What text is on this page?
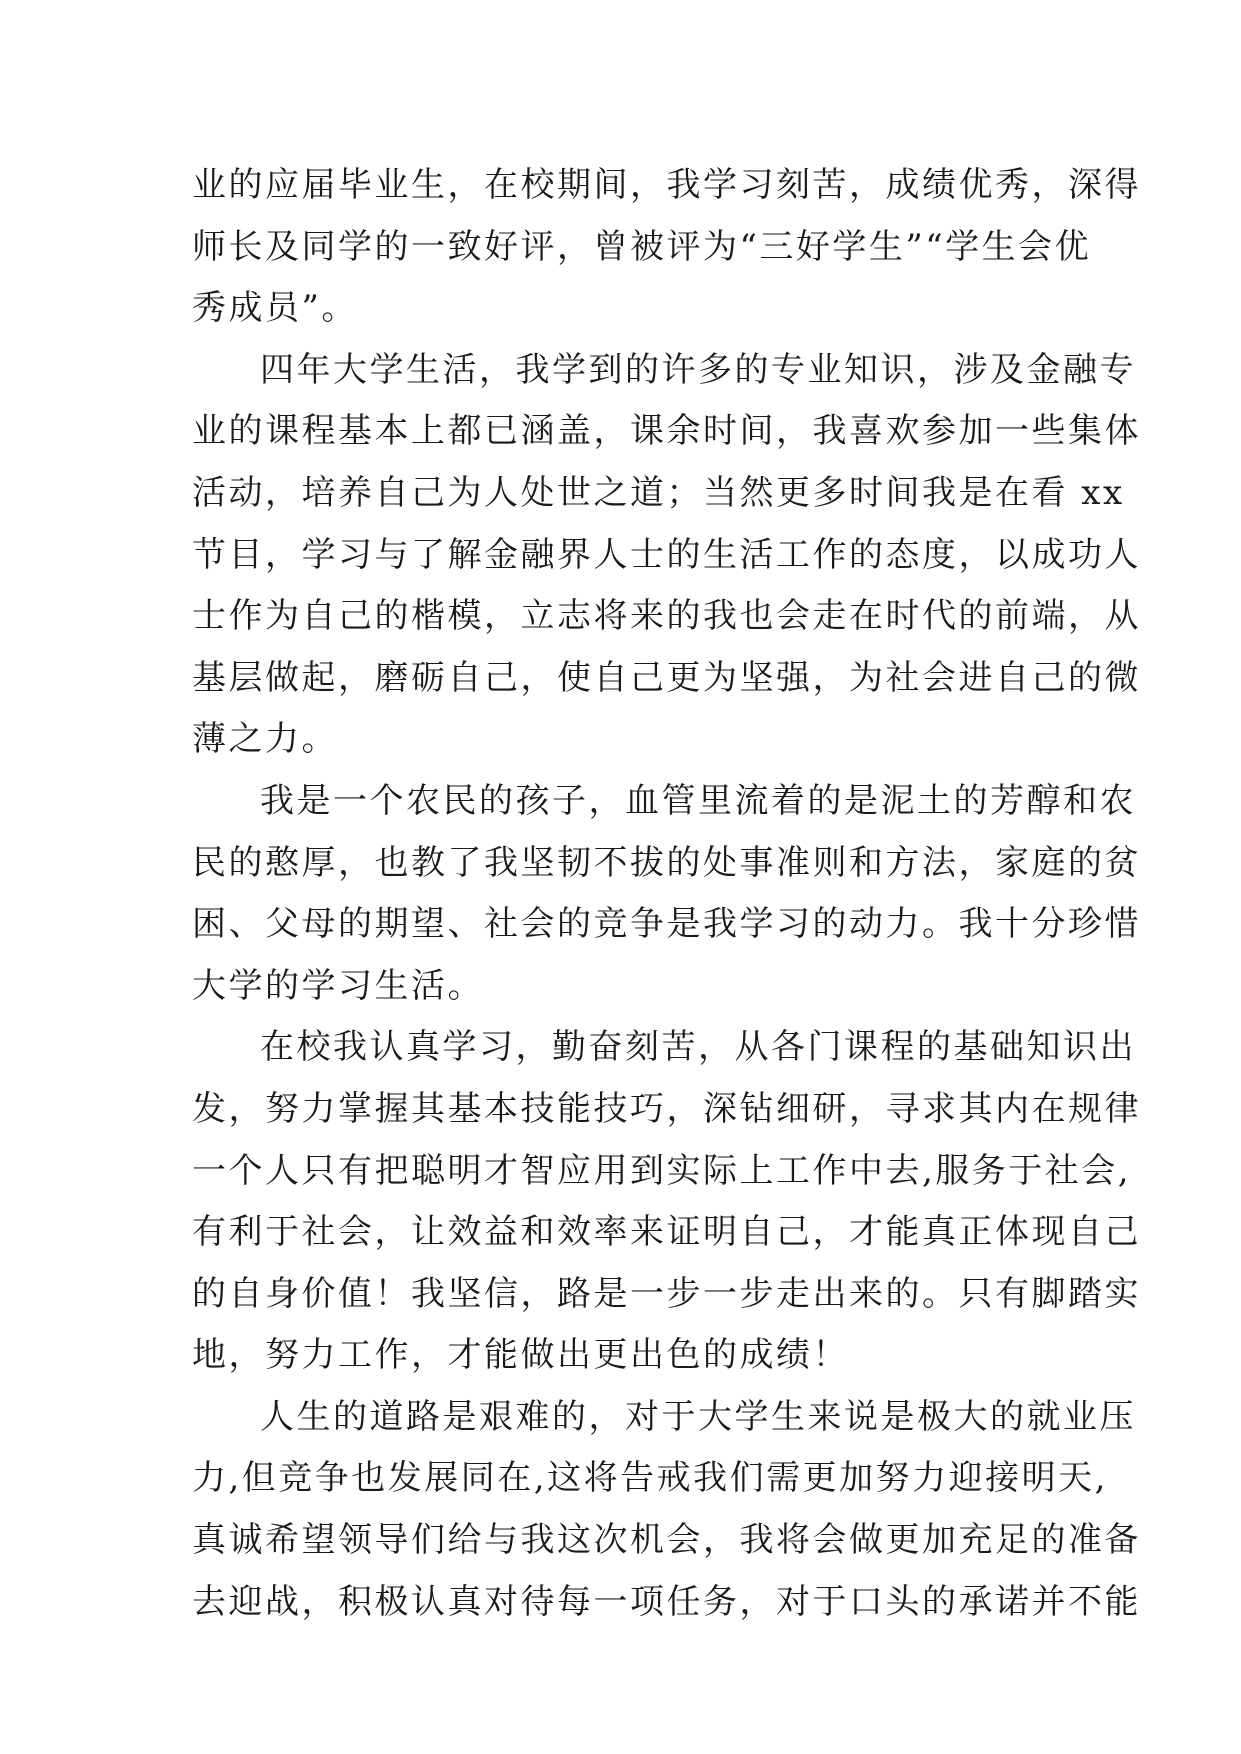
业的应届毕业生，在校期间，我学习刻苦，成绩优秀，深得
师长及同学的一致好评，曾被评为“三好学生”“学生会优
秀成员”。

四年大学生活，我学到的许多的专业知识，涉及金融专
业的课程基本上都已涵盖，课余时间，我喜欢参加一些集体
活动，培养自己为人处世之道；当然更多时间我是在看 xx
节目，学习与了解金融界人士的生活工作的态度，以成功人
士作为自己的楷模，立志将来的我也会走在时代的前端，从
基层做起，磨砺自己，使自己更为坚强，为社会进自己的微
薄之力。

我是一个农民的孩子，血管里流着的是泥土的芳醇和农
民的憨厚，也教了我坚韧不拔的处事准则和方法，家庭的贫
困、父母的期望、社会的竞争是我学习的动力。我十分珍惜
大学的学习生活。

在校我认真学习，勤奋刻苦，从各门课程的基础知识出
发，努力掌握其基本技能技巧，深钻细研，寻求其内在规律
一个人只有把聪明才智应用到实际上工作中去,服务于社会,
有利于社会，让效益和效率来证明自己，才能真正体现自己
的自身价值！我坚信，路是一步一步走出来的。只有脚踏实
地，努力工作，才能做出更出色的成绩！

人生的道路是艰难的，对于大学生来说是极大的就业压
力,但竞争也发展同在,这将告戒我们需更加努力迎接明天,
真诚希望领导们给与我这次机会，我将会做更加充足的准备
去迎战，积极认真对待每一项任务，对于口头的承诺并不能
